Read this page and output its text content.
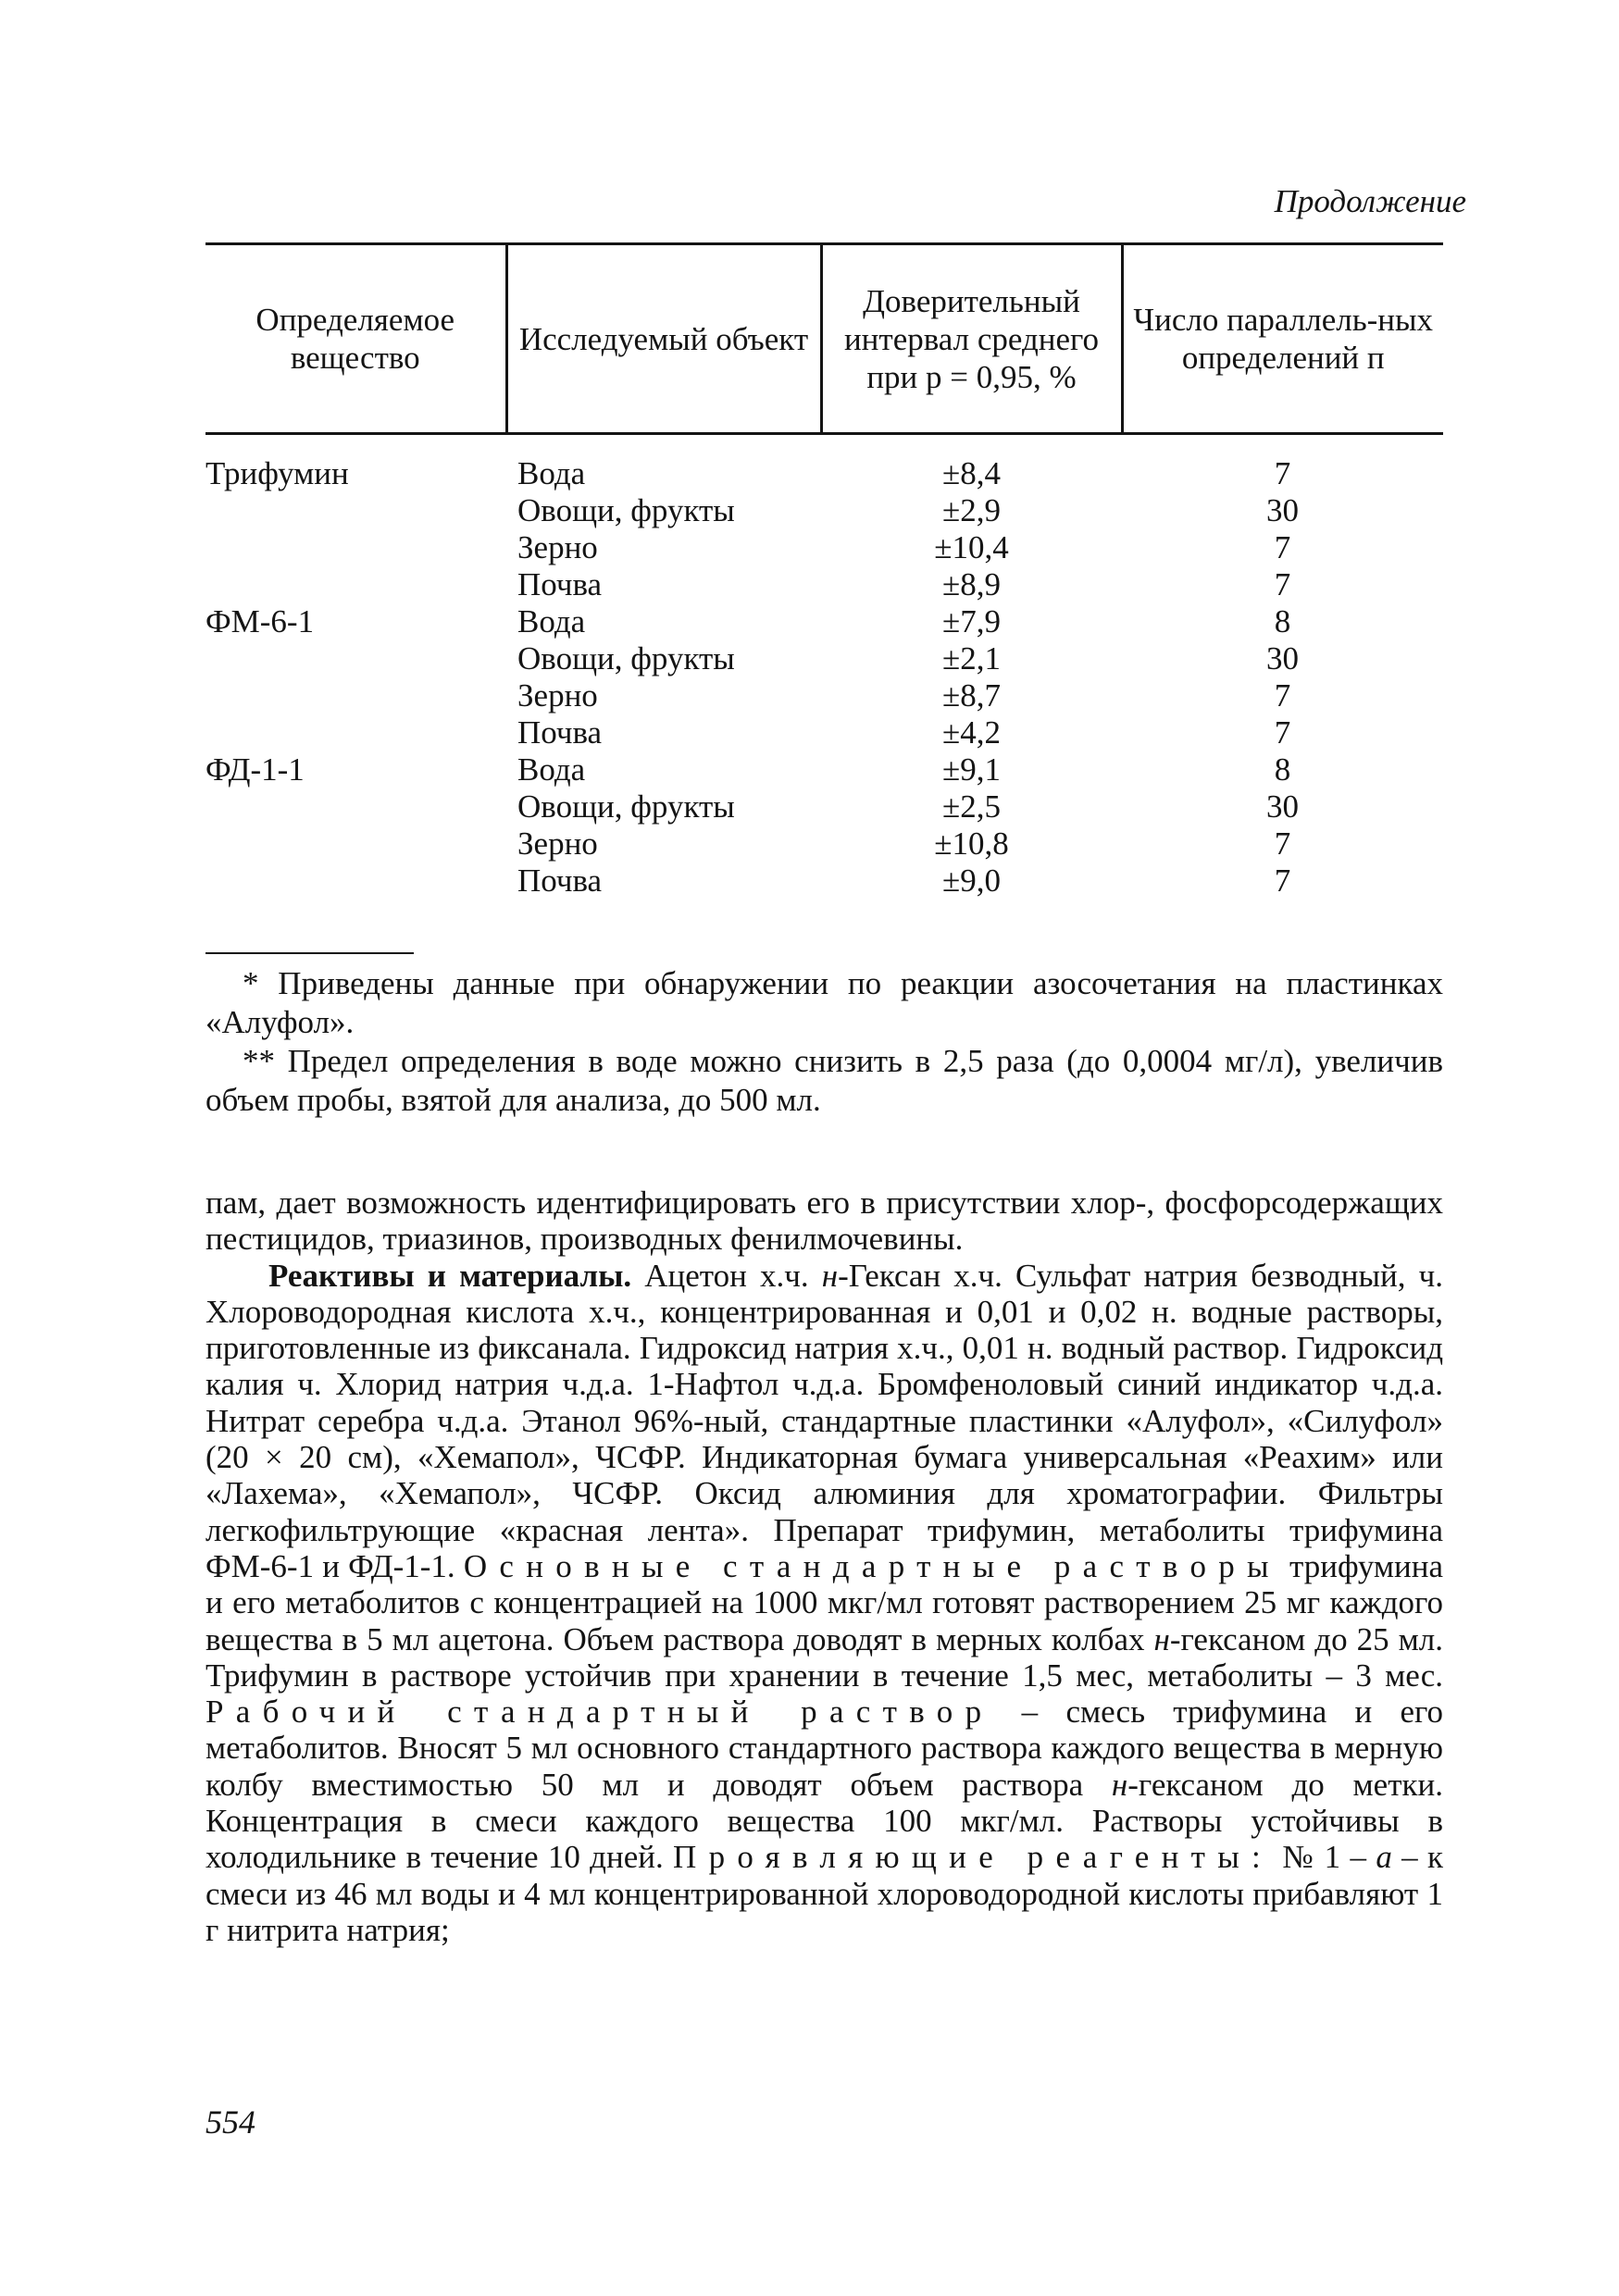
Продолжение
Определяемое вещество	Исследуемый объект	Доверительный интервал среднего при р = 0,95, %	Число параллель-ных определений п
Трифумин	Вода	±8,4	7
	Овощи, фрукты	±2,9	30
	Зерно	±10,4	7
	Почва	±8,9	7
ФМ-6-1	Вода	±7,9	8
	Овощи, фрукты	±2,1	30
	Зерно	±8,7	7
	Почва	±4,2	7
ФД-1-1	Вода	±9,1	8
	Овощи, фрукты	±2,5	30
	Зерно	±10,8	7
	Почва	±9,0	7

* Приведены данные при обнаружении по реакции азосочетания на пластинках «Алуфол».

** Предел определения в воде можно снизить в 2,5 раза (до 0,0004 мг/л), увеличив объем пробы, взятой для анализа, до 500 мл.

пам, дает возможность идентифицировать его в присутствии хлор-, фосфорсодержащих пестицидов, триазинов, производных фенилмочевины.

Реактивы и материалы. Ацетон х.ч. н-Гексан х.ч. Сульфат натрия безводный, ч. Хлороводородная кислота х.ч., концентрированная и 0,01 и 0,02 н. водные растворы, приготовленные из фиксанала. Гидроксид натрия х.ч., 0,01 н. водный раствор. Гидроксид калия ч. Хлорид натрия ч.д.а. 1-Нафтол ч.д.а. Бромфеноловый синий индикатор ч.д.а. Нитрат серебра ч.д.а. Этанол 96%-ный, стандартные пластинки «Алуфол», «Силуфол» (20 × 20 см), «Хемапол», ЧСФР. Индикаторная бумага универсальная «Реахим» или «Лахема», «Хемапол», ЧСФР. Оксид алюминия для хроматографии. Фильтры легкофильтрующие «красная лента». Препарат трифумин, метаболиты трифумина ФМ-6-1 и ФД-1-1. Основные стандартные растворы трифумина и его метаболитов с концентрацией на 1000 мкг/мл готовят растворением 25 мг каждого вещества в 5 мл ацетона. Объем раствора доводят в мерных колбах н-гексаном до 25 мл. Трифумин в растворе устойчив при хранении в течение 1,5 мес, метаболиты – 3 мес. Рабочий стандартный раствор – смесь трифумина и его метаболитов. Вносят 5 мл основного стандартного раствора каждого вещества в мерную колбу вместимостью 50 мл и доводят объем раствора н-гексаном до метки. Концентрация в смеси каждого вещества 100 мкг/мл. Растворы устойчивы в холодильнике в течение 10 дней. Проявляющие реагенты: № 1 – а – к смеси из 46 мл воды и 4 мл концентрированной хлороводородной кислоты прибавляют 1 г нитрита натрия;

554
